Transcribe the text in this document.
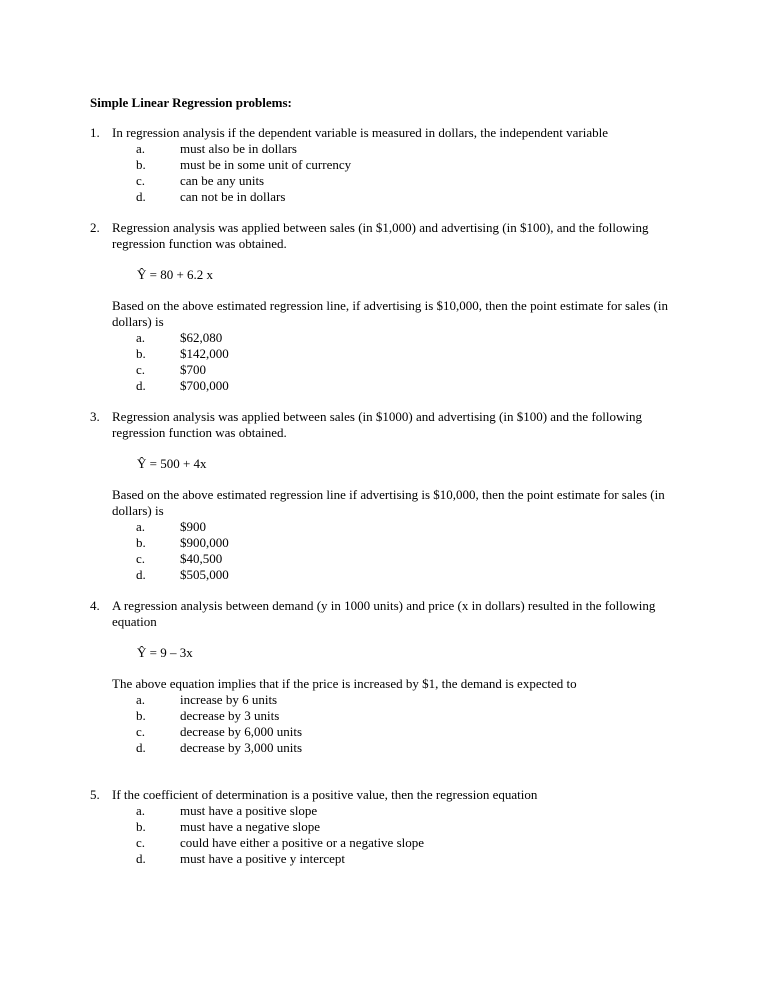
Simple Linear Regression problems:
1. In regression analysis if the dependent variable is measured in dollars, the independent variable

a.	must also be in dollars
b.	must be in some unit of currency
c.	can be any units
d.	can not be in dollars
2. Regression analysis was applied between sales (in $1,000) and advertising (in $100), and the following regression function was obtained.

Ŷ = 80 + 6.2 x

Based on the above estimated regression line, if advertising is $10,000, then the point estimate for sales (in dollars) is

a.	$62,080
b.	$142,000
c.	$700
d.	$700,000
3. Regression analysis was applied between sales (in $1000) and advertising (in $100) and the following regression function was obtained.

Ŷ = 500 + 4x

Based on the above estimated regression line if advertising is $10,000, then the point estimate for sales (in dollars) is

a.	$900
b.	$900,000
c.	$40,500
d.	$505,000
4. A regression analysis between demand (y in 1000 units) and price (x in dollars) resulted in the following equation

Ŷ = 9 – 3x

The above equation implies that if the price is increased by $1, the demand is expected to

a.	increase by 6 units
b.	decrease by 3 units
c.	decrease by 6,000 units
d.	decrease by 3,000 units
5. If the coefficient of determination is a positive value, then the regression equation

a.	must have a positive slope
b.	must have a negative slope
c.	could have either a positive or a negative slope
d.	must have a positive y intercept
